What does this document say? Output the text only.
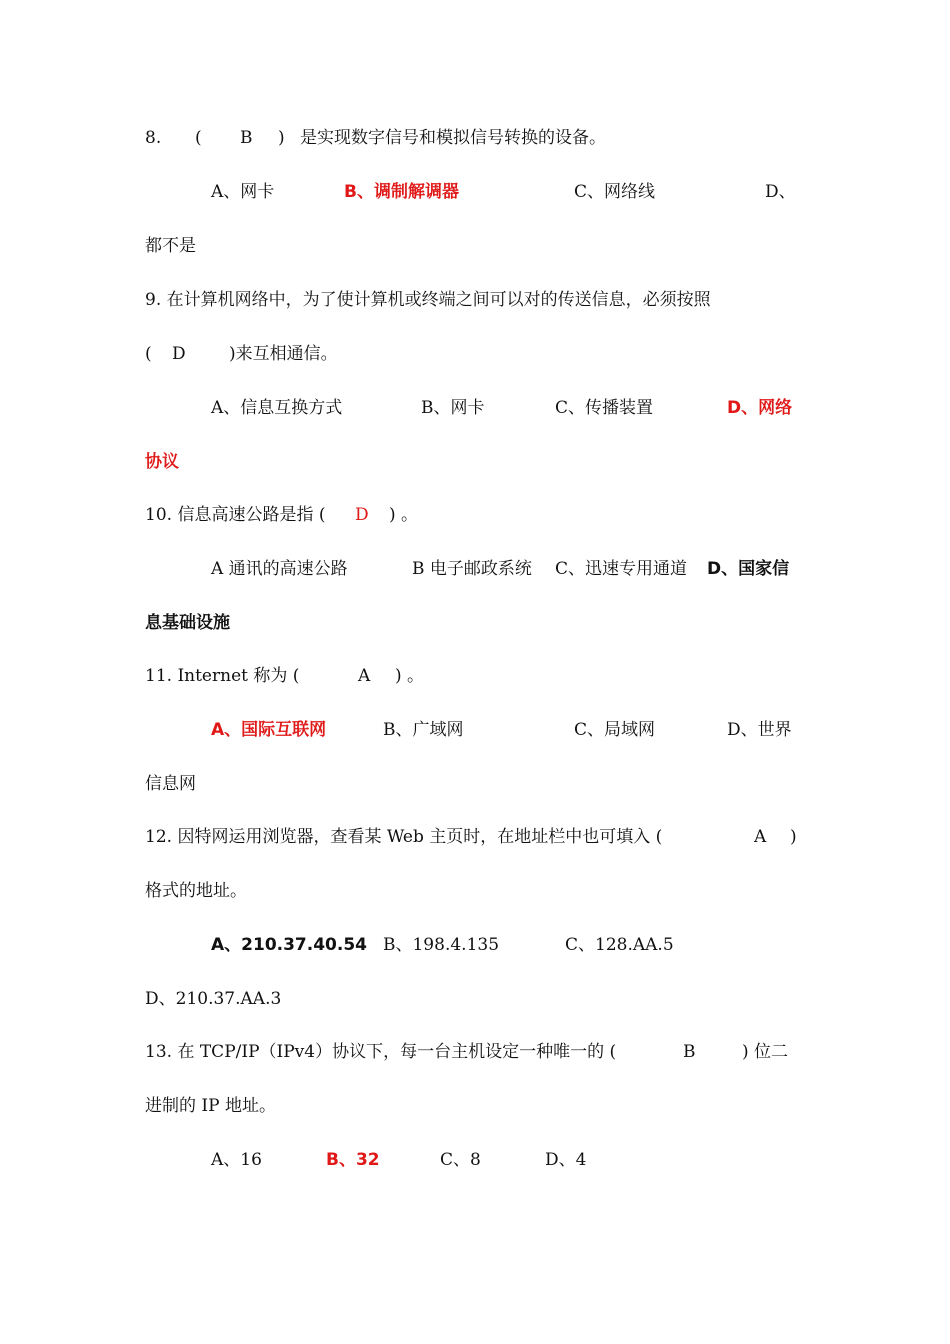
8. ( B ) 是实现数字信号和模拟信号转换的设备。
A、网卡	B、调制解调器	C、网络线	D、
都不是
9. 在计算机网络中，为了使计算机或终端之间可以对的传送信息，必须按照
( D	)来互相通信。
A、信息互换方式	B、网卡	C、传播装置	D、网络
协议
10. 信息高速公路是指 ( D ) 。
A 通讯的高速公路	B 电子邮政系统 C、迅速专用通道 D、国家信
息基础设施
11. Internet 称为 (	A ) 。
A、国际互联网	B、广域网	C、局域网	D、世界
信息网
12. 因特网运用浏览器，查看某 Web 主页时，在地址栏中也可填入 (	A )
格式的地址。
A、210.37.40.54 B、198.4.135	C、128.AA.5
D、210.37.AA.3
13. 在 TCP/IP（IPv4）协议下，每一台主机设定一种唯一的 (	B	) 位二
进制的 IP 地址。
A、16	B、32	C、8	D、4
